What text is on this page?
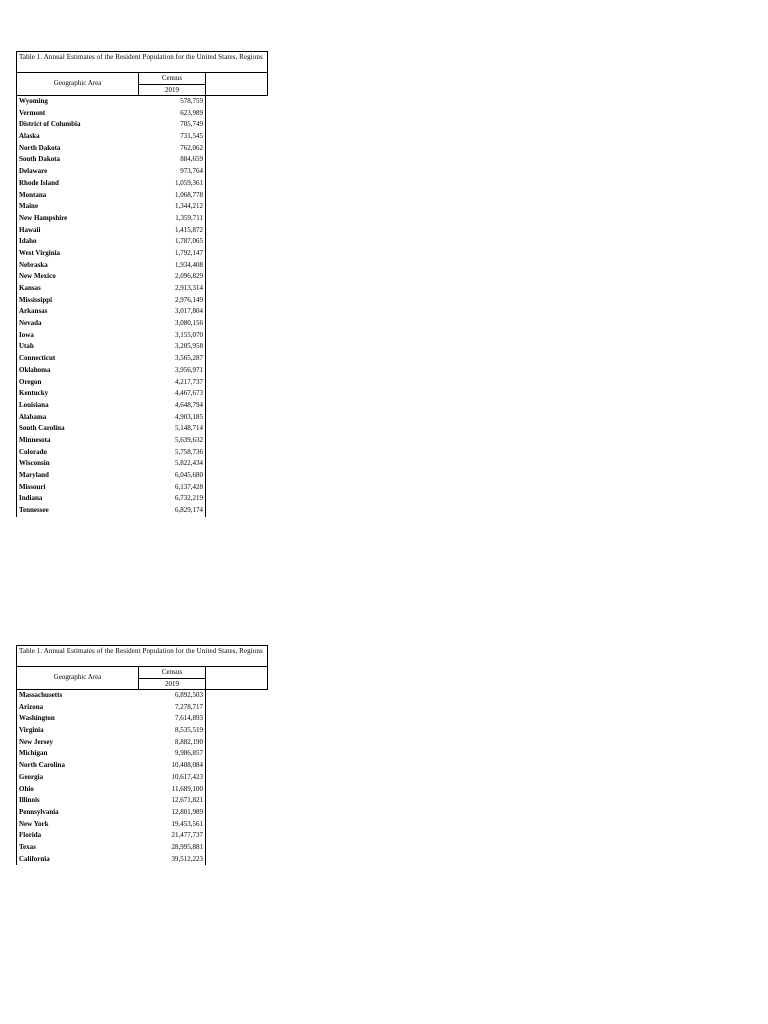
Table 1. Annual Estimates of the Resident Population for the United States, Regions
Geographic Area
Census
2019
Wyoming	578,759
Vermont	623,989
District of Columbia	705,749
Alaska	731,545
North Dakota	762,062
South Dakota	884,659
Delaware	973,764
Rhode Island	1,059,361
Montana	1,068,778
Maine	1,344,212
New Hampshire	1,359,711
Hawaii	1,415,872
Idaho	1,787,065
West Virginia	1,792,147
Nebraska	1,934,408
New Mexico	2,096,829
Kansas	2,913,314
Mississippi	2,976,149
Arkansas	3,017,804
Nevada	3,080,156
Iowa	3,155,070
Utah	3,205,958
Connecticut	3,565,287
Oklahoma	3,956,971
Oregon	4,217,737
Kentucky	4,467,673
Louisiana	4,648,794
Alabama	4,903,185
South Carolina	5,148,714
Minnesota	5,639,632
Colorado	5,758,736
Wisconsin	5,822,434
Maryland	6,045,680
Missouri	6,137,428
Indiana	6,732,219
Tennessee	6,829,174
Table 1. Annual Estimates of the Resident Population for the United States, Regions
Geographic Area
Census
2019
Massachusetts	6,892,503
Arizona	7,278,717
Washington	7,614,893
Virginia	8,535,519
New Jersey	8,882,190
Michigan	9,986,857
North Carolina	10,488,084
Georgia	10,617,423
Ohio	11,689,100
Illinois	12,671,821
Pennsylvania	12,801,989
New York	19,453,561
Florida	21,477,737
Texas	28,995,881
California	39,512,223
